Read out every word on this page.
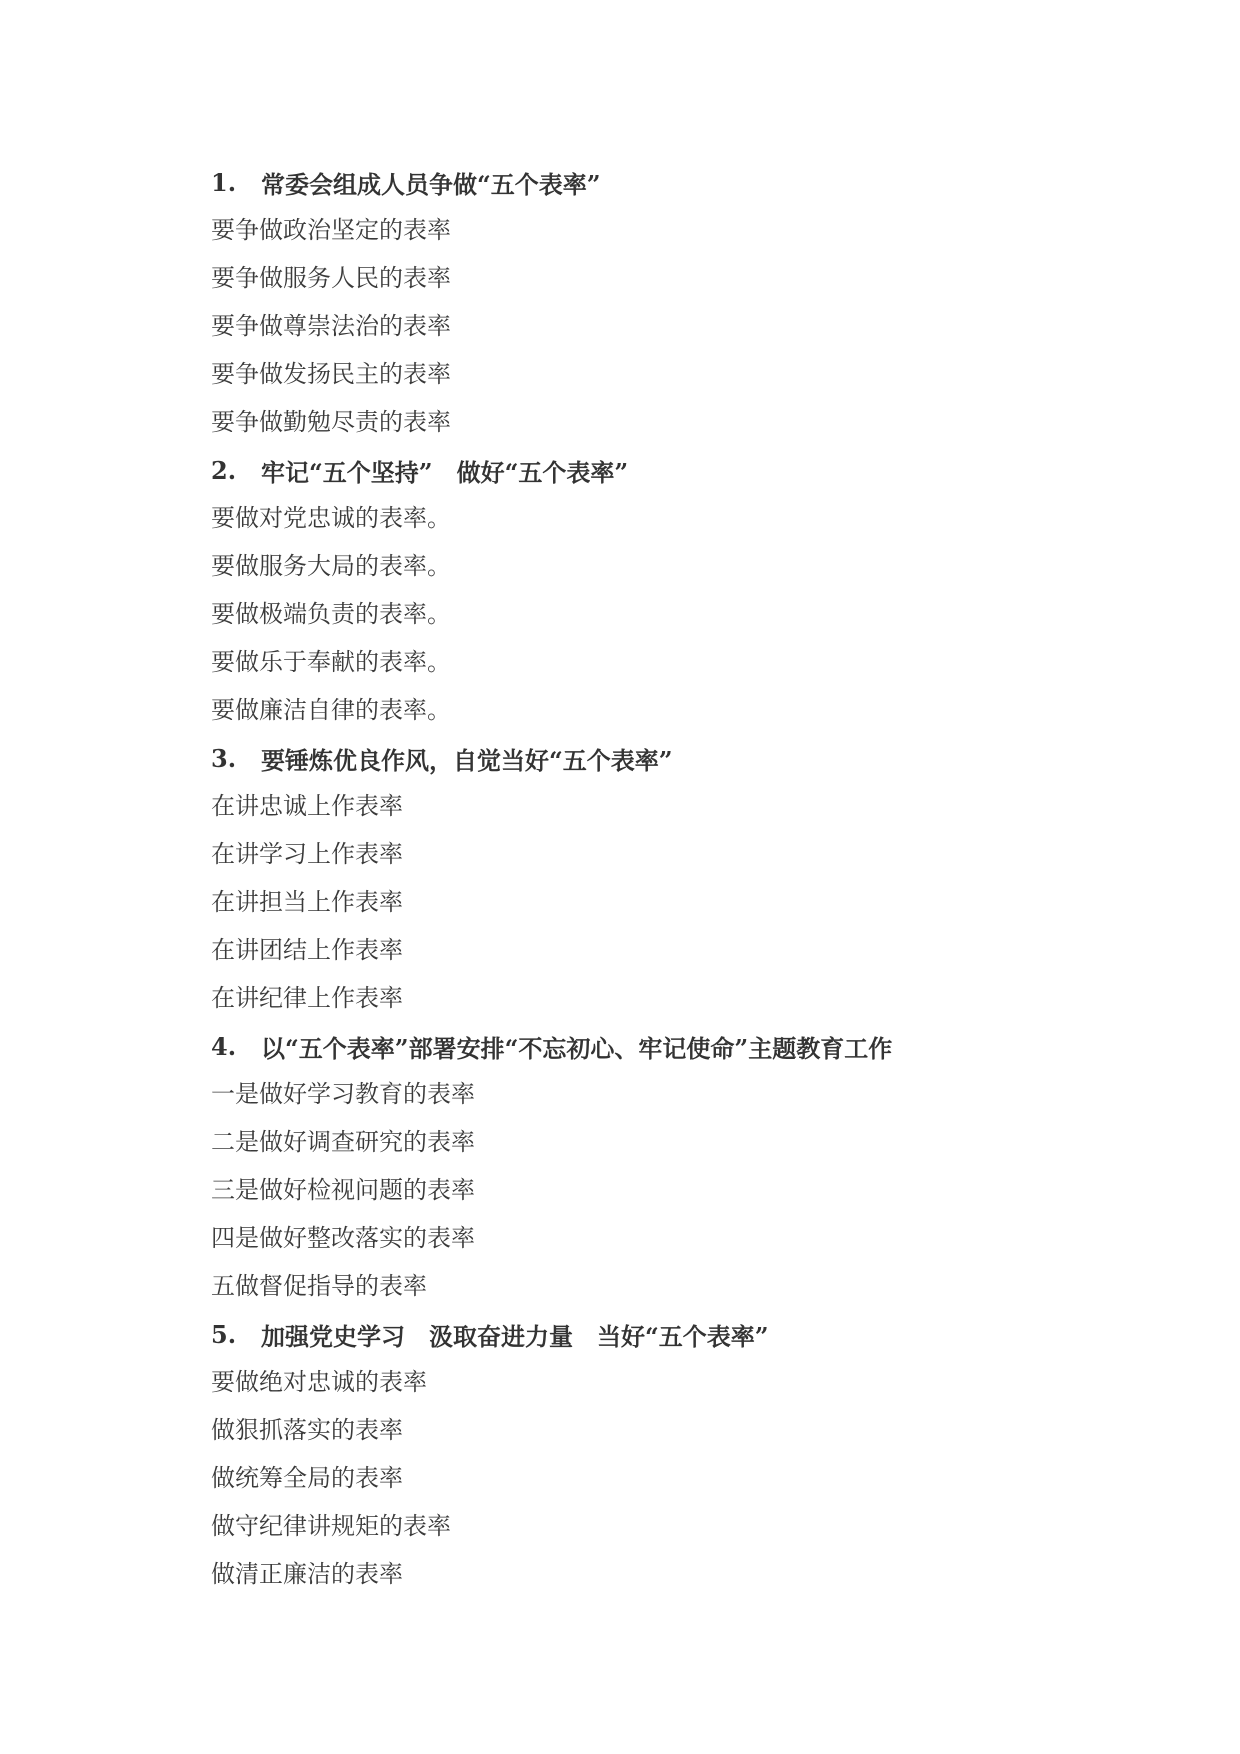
1.	常委会组成人员争做“五个表率”
要争做政治坚定的表率
要争做服务人民的表率
要争做尊崇法治的表率
要争做发扬民主的表率
要争做勤勉尽责的表率
2.	牢记“五个坚持”　做好“五个表率”
要做对党忠诚的表率。
要做服务大局的表率。
要做极端负责的表率。
要做乐于奉献的表率。
要做廉洁自律的表率。
3.	要锤炼优良作风，自觉当好“五个表率”
在讲忠诚上作表率
在讲学习上作表率
在讲担当上作表率
在讲团结上作表率
在讲纪律上作表率
4.	以“五个表率”部署安排“不忘初心、牢记使命”主题教育工作
一是做好学习教育的表率
二是做好调查研究的表率
三是做好检视问题的表率
四是做好整改落实的表率
五做督促指导的表率
5.	加强党史学习　汲取奋进力量　当好“五个表率”
要做绝对忠诚的表率
做狠抓落实的表率
做统筹全局的表率
做守纪律讲规矩的表率
做清正廉洁的表率
